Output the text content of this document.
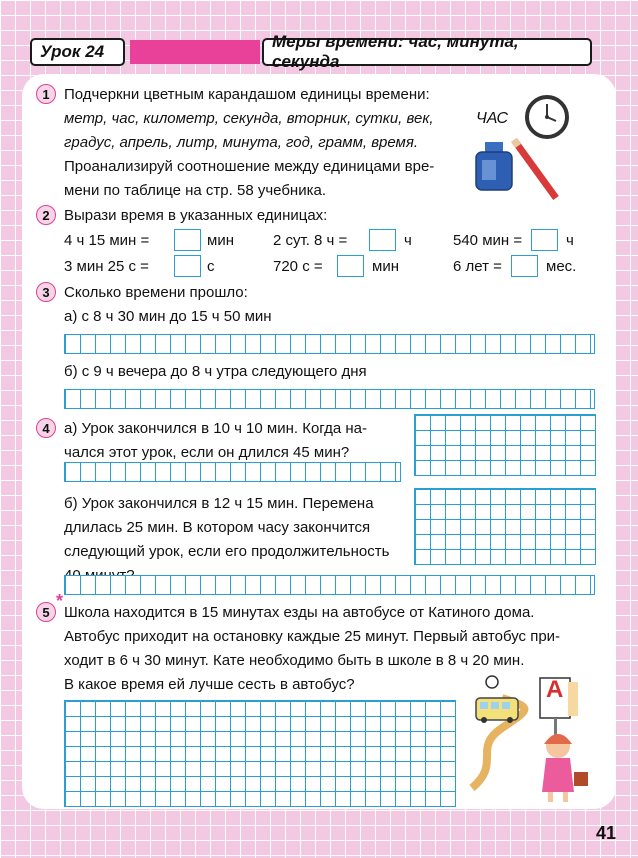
Урок 24
Меры времени: час, минута, секунда
1 Подчеркни цветным карандашом единицы времени:
метр, час, километр, секунда, вторник, сутки, век,
градус, апрель, литр, минута, год, грамм, время.
Проанализируй соотношение между единицами вре-
мени по таблице на стр. 58 учебника.
ЧАС
2 Вырази время в указанных единицах:
4 ч 15 мин =	мин	2 сут. 8 ч =	ч	540 мин =	ч
3 мин 25 с =	с	720 с =	мин	6 лет =	мес.
3 Сколько времени прошло:
а) с 8 ч 30 мин до 15 ч 50 мин
б) с 9 ч вечера до 8 ч утра следующего дня
4 а) Урок закончился в 10 ч 10 мин. Когда на-
чался этот урок, если он длился 45 мин?
б) Урок закончился в 12 ч 15 мин. Перемена
длилась 25 мин. В котором часу закончится
следующий урок, если его продолжительность
5
*
Школа находится в 15 минутах езды на автобусе от Катиного дома.
Автобус приходит на остановку каждые 25 минут. Первый автобус при-
ходит в 6 ч 30 минут. Кате необходимо быть в школе в 8 ч 20 мин.
В какое время ей лучше сесть в автобус?	А
41
